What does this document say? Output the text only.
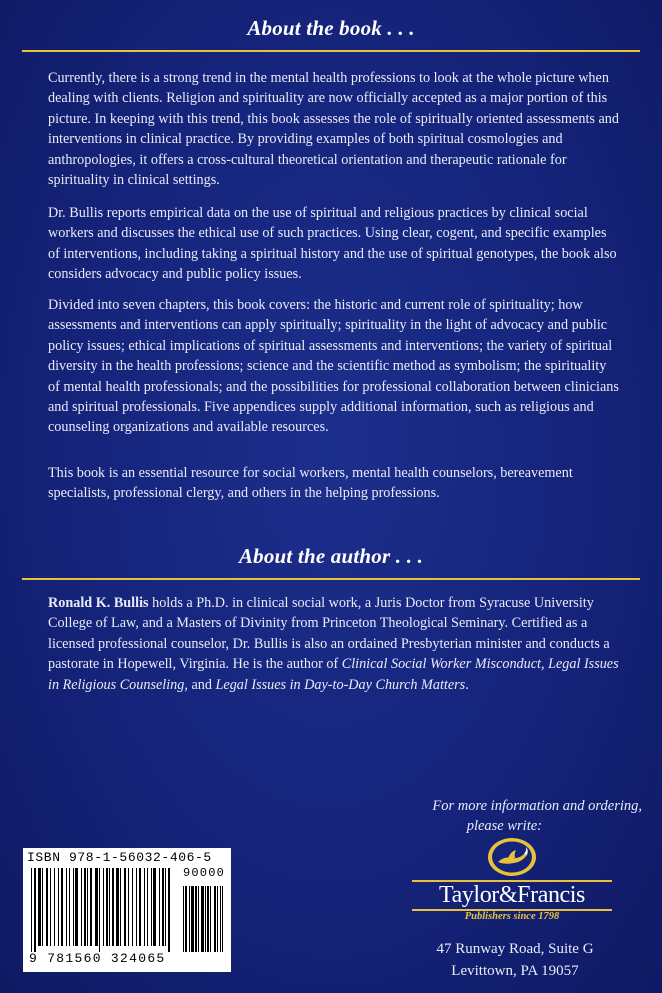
About the book . . .

Currently, there is a strong trend in the mental health professions to look at the whole picture when dealing with clients. Religion and spirituality are now officially accepted as a major portion of this picture. In keeping with this trend, this book assesses the role of spiritually oriented assessments and interventions in clinical practice. By providing examples of both spiritual cosmologies and anthropologies, it offers a cross-cultural theoretical orientation and therapeutic rationale for spirituality in clinical settings.

Dr. Bullis reports empirical data on the use of spiritual and religious practices by clinical social workers and discusses the ethical use of such practices. Using clear, cogent, and specific examples of interventions, including taking a spiritual history and the use of spiritual genotypes, the book also considers advocacy and public policy issues.

Divided into seven chapters, this book covers: the historic and current role of spirituality; how assessments and interventions can apply spiritually; spirituality in the light of advocacy and public policy issues; ethical implications of spiritual assessments and interventions; the variety of spiritual diversity in the health professions; science and the scientific method as symbolism; the spirituality of mental health professionals; and the possibilities for professional collaboration between clinicians and spiritual professionals. Five appendices supply additional information, such as religious and counseling organizations and available resources.

This book is an essential resource for social workers, mental health counselors, bereavement specialists, professional clergy, and others in the helping professions.

About the author . . .

Ronald K. Bullis holds a Ph.D. in clinical social work, a Juris Doctor from Syracuse University College of Law, and a Masters of Divinity from Princeton Theological Seminary. Certified as a licensed professional counselor, Dr. Bullis is also an ordained Presbyterian minister and conducts a pastorate in Hopewell, Virginia. He is the author of Clinical Social Worker Misconduct, Legal Issues in Religious Counseling, and Legal Issues in Day-to-Day Church Matters.

For more information and ordering,
please write:
ISBN 978-1-56032-406-5
9 781560 324065
90000
Taylor&Francis
Publishers since 1798
47 Runway Road, Suite G
Levittown, PA 19057
